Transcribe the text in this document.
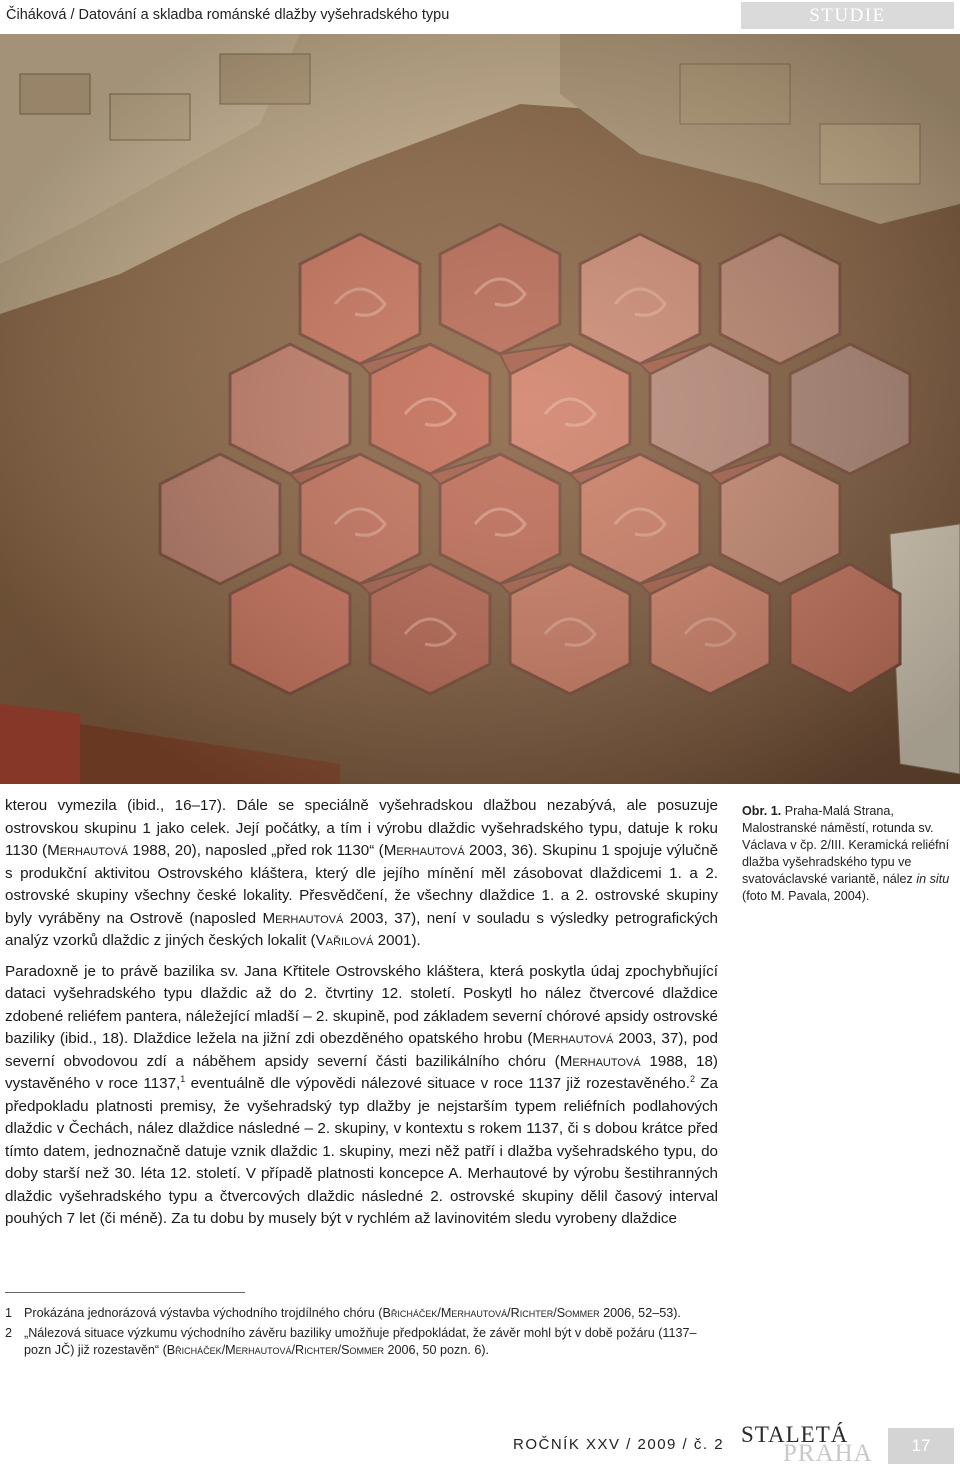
Čiháková / Datování a skladba románské dlažby vyšehradského typu	STUDIE

kterou vymezila (ibid., 16–17). Dále se speciálně vyšehradskou dlažbou nezabývá, ale posuzuje ostrovskou skupinu 1 jako celek. Její počátky, a tím i výrobu dlaždic vyšehradského typu, datuje k roku 1130 (Merhautová 1988, 20), naposled „před rok 1130“ (Merhautová 2003, 36). Skupinu 1 spojuje výlučně s produkční aktivitou Ostrovského kláštera, který dle jejího mínění měl zásobovat dlaždicemi 1. a 2. ostrovské skupiny všechny české lokality. Přesvědčení, že všechny dlaždice 1. a 2. ostrovské skupiny byly vyráběny na Ostrově (naposled Merhautová 2003, 37), není v souladu s výsledky petrografických analýz vzorků dlaždic z jiných českých lokalit (Vařilová 2001).

Paradoxně je to právě bazilika sv. Jana Křtitele Ostrovského kláštera, která poskytla údaj zpochybňující dataci vyšehradského typu dlaždic až do 2. čtvrtiny 12. století. Poskytl ho nález čtvercové dlaždice zdobené reliéfem pantera, náležející mladší – 2. skupině, pod základem severní chórové apsidy ostrovské baziliky (ibid., 18). Dlaždice ležela na jižní zdi obezděného opatského hrobu (Merhautová 2003, 37), pod severní obvodovou zdí a náběhem apsidy severní části bazilikálního chóru (Merhautová 1988, 18) vystavěného v roce 1137,$^1$ eventuálně dle výpovědi nálezové situace v roce 1137 již rozestavěného.$^2$ Za předpokladu platnosti premisy, že vyšehradský typ dlažby je nejstarším typem reliéfních podlahových dlaždic v Čechách, nález dlaždice následné – 2. skupiny, v kontextu s rokem 1137, či s dobou krátce před tímto datem, jednoznačně datuje vznik dlaždic 1. skupiny, mezi něž patří i dlažba vyšehradského typu, do doby starší než 30. léta 12. století. V případě platnosti koncepce A. Merhautové by výrobu šestihranných dlaždic vyšehradského typu a čtvercových dlaždic následné 2. ostrovské skupiny dělil časový interval pouhých 7 let (či méně). Za tu dobu by musely být v rychlém až lavinovitém sledu vyrobeny dlaždice

Obr. 1. Praha-Malá Strana, Malostranské náměstí, rotunda sv. Václava v čp. 2/III. Keramická reliéfní dlažba vyšehradského typu ve svatováclavské variantě, nález in situ (foto M. Pavala, 2004).
1 Prokázána jednorázová výstavba východního trojdílného chóru (Břicháček/Merhautová/Richter/Sommer 2006, 52–53).
2 „Nálezová situace výzkumu východního závěru baziliky umožňuje předpokládat, že závěr mohl být v době požáru (1137–pozn JČ) již rozestavěn“ (Břicháček/Merhautová/Richter/Sommer 2006, 50 pozn. 6).
ROČNÍK XXV / 2009 / č. 2 PRAHA
STALETÁ	17
